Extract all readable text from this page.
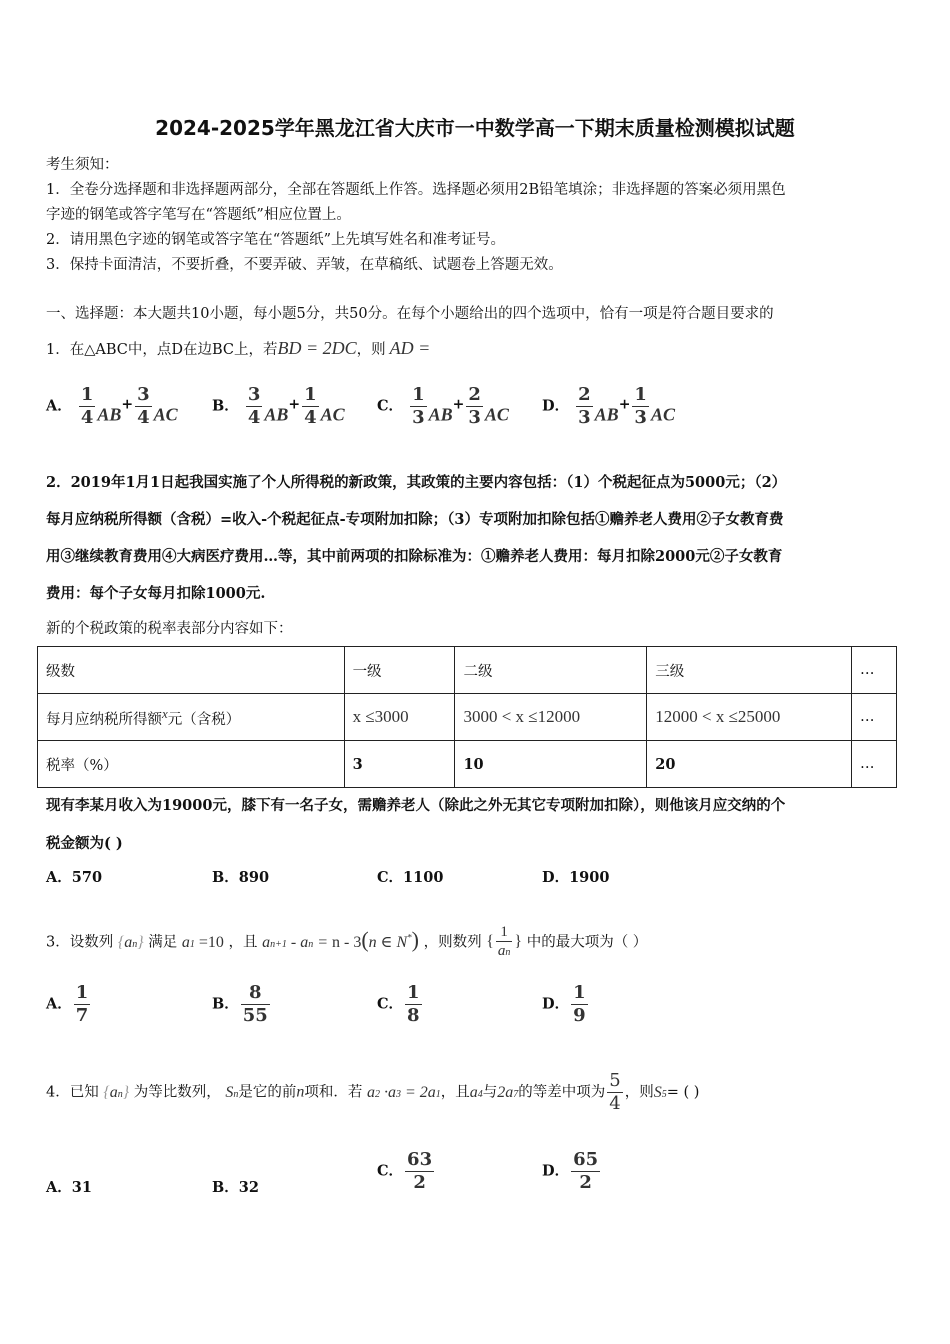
2024-2025学年黑龙江省大庆市一中数学高一下期末质量检测模拟试题
考生须知：
1．全卷分选择题和非选择题两部分，全部在答题纸上作答。选择题必须用2B铅笔填涂；非选择题的答案必须用黑色
字迹的钢笔或答字笔写在“答题纸”相应位置上。
2．请用黑色字迹的钢笔或答字笔在“答题纸”上先填写姓名和准考证号。
3．保持卡面清洁，不要折叠，不要弄破、弄皱，在草稿纸、试题卷上答题无效。
一、选择题：本大题共10小题，每小题5分，共50分。在每个小题给出的四个选项中，恰有一项是符合题目要求的
1．在△ABC中，点D在边BC上，若BD = 2DC，则 AD =
A． $\frac{1}{4} AB+ \frac{3}{4}$ AC B． $\frac{3}{4} AB+ \frac{1}{4}$ AC C． $\frac{1}{3} AB+ \frac{2}{3}$ AC D． $\frac{2}{3} AB+ \frac{1}{3}$ AC
2．2019年1月1日起我国实施了个人所得税的新政策，其政策的主要内容包括：（1）个税起征点为5000元；（2）
每月应纳税所得额（含税）=收入-个税起征点-专项附加扣除；（3）专项附加扣除包括①赡养老人费用②子女教育费
用③继续教育费用④大病医疗费用…等，其中前两项的扣除标准为：①赡养老人费用：每月扣除2000元②子女教育
费用：每个子女每月扣除1000元.
新的个税政策的税率表部分内容如下：
级数	一级	二级	三级	…
每月应纳税所得额$^x$元（含税）	x ≤3000	3000 < x ≤12000	12000 < x ≤25000	…
税率（%）	3	10	20	…
现有李某月收入为19000元，膝下有一名子女，需赡养老人（除此之外无其它专项附加扣除），则他该月应交纳的个
税金额为( )
A．570	B．890	C．1100	D．1900
3．设数列 {an} 满足 a1 =10 ，且 an+1 - an = n - 3(n ∈ N*) ，则数列 { $\frac{1}{an}$ } 中的最大项为（ ）
A． $\frac{1}{7}$	B． $\frac{8}{55}$	C． $\frac{1}{8}$	D． $\frac{1}{9}$
4．已知 {an} 为等比数列， Sn是它的前n项和．若 a2 ·a3 = 2a1，且a4与2a7的等差中项为 $\frac{5}{4}$ ，则S5= ( )
A．31	B．32
C． $\frac{63}{2}$	D． $\frac{65}{2}$
